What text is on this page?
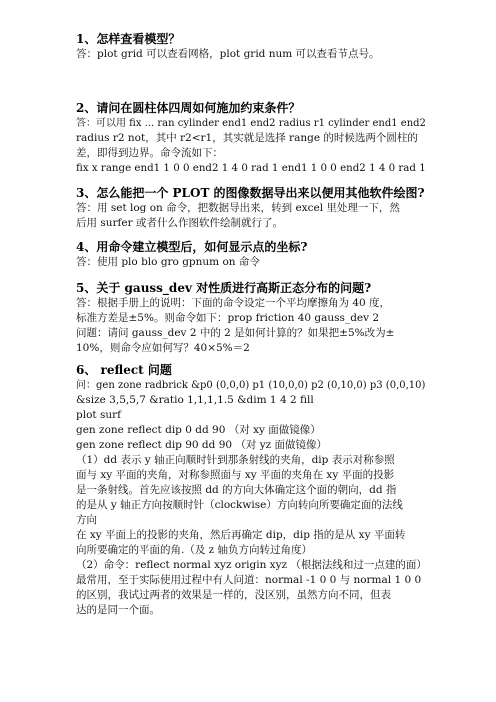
1、怎样查看模型？

答：plot grid 可以查看网格，plot grid num 可以查看节点号。

2、请问在圆柱体四周如何施加约束条件？

答：可以用 fix ... ran cylinder end1 end2 radius r1 cylinder end1 end2

radius r2 not，其中 r2<r1，其实就是选择 range 的时候选两个圆柱的

差，即得到边界。命令流如下：

fix x range end1 1 0 0 end2 1 4 0 rad 1 end1 1 0 0 end2 1 4 0 rad 1

3、怎么能把一个 PLOT 的图像数据导出来以便用其他软件绘图?

答：用 set log on 命令，把数据导出来，转到 excel 里处理一下，然

后用 surfer 或者什么作图软件绘制就行了。

4、用命令建立模型后，如何显示点的坐标?

答：使用 plo blo gro gpnum on 命令

5、关于 gauss_dev 对性质进行高斯正态分布的问题?

答：根据手册上的说明：下面的命令设定一个平均摩擦角为 40 度，

标准方差是±5%。则命令如下：prop friction 40 gauss_dev 2

问题：请问 gauss_dev 2 中的 2 是如何计算的？如果把±5%改为±

10%，则命令应如何写？40×5%＝2

6、 reflect 问题

问：gen zone radbrick &p0 (0,0,0) p1 (10,0,0) p2 (0,10,0) p3 (0,0,10)

&size 3,5,5,7 &ratio 1,1,1,1.5 &dim 1 4 2 fill

plot surf

gen zone reflect dip 0 dd 90 （对 xy 面做镜像）

gen zone reflect dip 90 dd 90 （对 yz 面做镜像）

（1）dd 表示 y 轴正向顺时针到那条射线的夹角，dip 表示对称参照

面与 xy 平面的夹角，对称参照面与 xy 平面的夹角在 xy 平面的投影

是一条射线。首先应该按照 dd 的方向大体确定这个面的朝向，dd 指

的是从 y 轴正方向按顺时针（clockwise）方向转向所要确定面的法线

方向

在 xy 平面上的投影的夹角，然后再确定 dip，dip 指的是从 xy 平面转

向所要确定的平面的角.（及 z 轴负方向转过角度）

（2）命令：reflect normal xyz origin xyz （根据法线和过一点建的面）

最常用，至于实际使用过程中有人问道：normal -1 0 0 与 normal 1 0 0

的区别，我试过两者的效果是一样的，没区别，虽然方向不同，但表

达的是同一个面。
